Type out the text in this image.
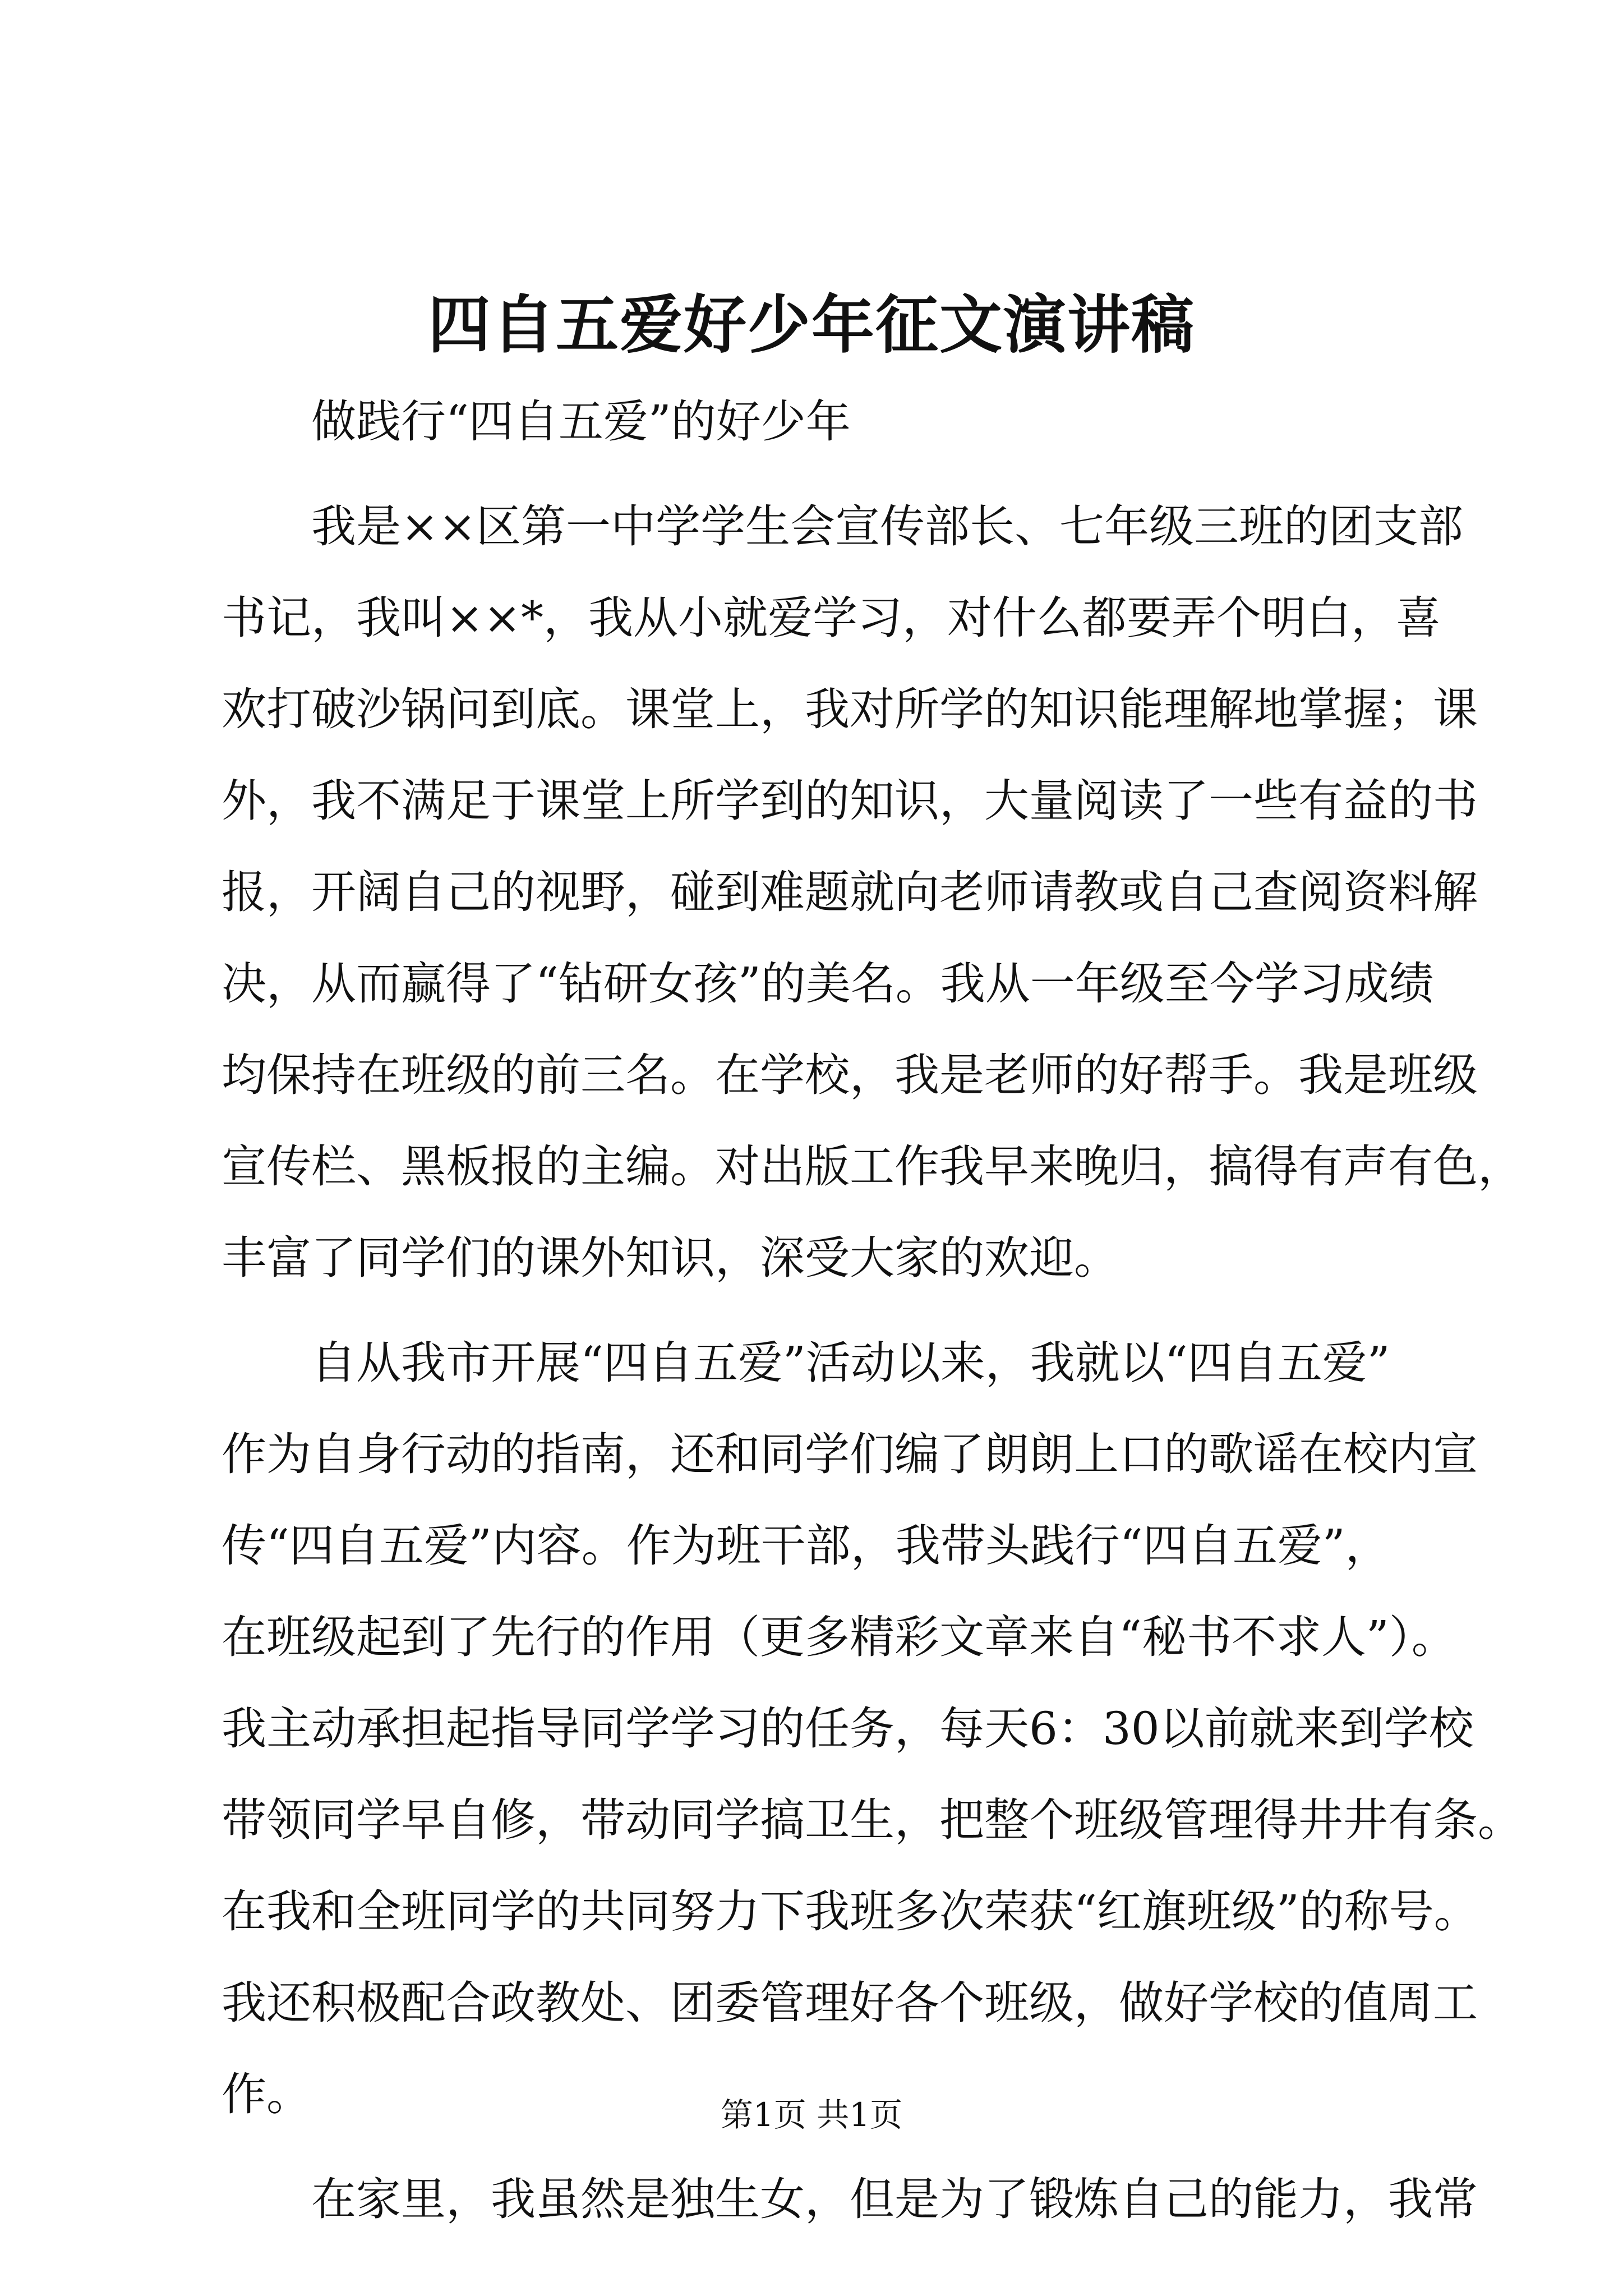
四自五爱好少年征文演讲稿
做践行“四自五爱”的好少年
我是××区第一中学学生会宣传部长、七年级三班的团支部
书记，我叫××*，我从小就爱学习，对什么都要弄个明白，喜
欢打破沙锅问到底。课堂上，我对所学的知识能理解地掌握；课
外，我不满足于课堂上所学到的知识，大量阅读了一些有益的书
报，开阔自己的视野，碰到难题就向老师请教或自己查阅资料解
决，从而赢得了“钻研女孩”的美名。我从一年级至今学习成绩
均保持在班级的前三名。在学校，我是老师的好帮手。我是班级
宣传栏、黑板报的主编。对出版工作我早来晚归，搞得有声有色，
丰富了同学们的课外知识，深受大家的欢迎。
自从我市开展“四自五爱”活动以来，我就以“四自五爱”
作为自身行动的指南，还和同学们编了朗朗上口的歌谣在校内宣
传“四自五爱”内容。作为班干部，我带头践行“四自五爱”，
在班级起到了先行的作用（更多精彩文章来自“秘书不求人”）。
我主动承担起指导同学学习的任务，每天6：30以前就来到学校
带领同学早自修，带动同学搞卫生，把整个班级管理得井井有条。
在我和全班同学的共同努力下我班多次荣获“红旗班级”的称号。
我还积极配合政教处、团委管理好各个班级，做好学校的值周工
作。
在家里，我虽然是独生女，但是为了锻炼自己的能力，我常
第1页 共1页
